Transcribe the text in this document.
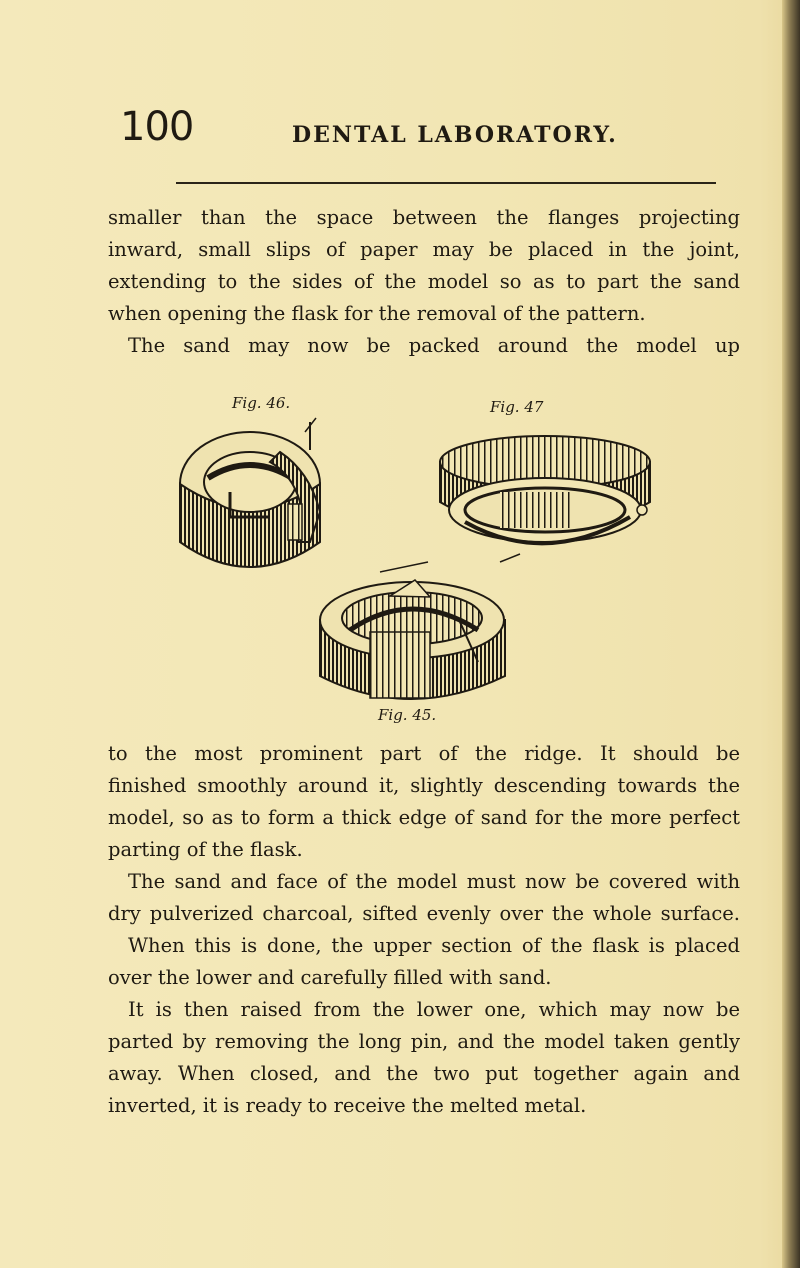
100	DENTAL LABORATORY.
smaller than the space between the flanges projecting
inward, small slips of paper may be placed in the joint,
extending to the sides of the model so as to part the sand
when opening the flask for the removal of the pattern.
The sand may now be packed around the model up
Fig. 46.	Fig. 47
Fig. 45.
to the most prominent part of the ridge. It should be
finished smoothly around it, slightly descending towards the
model, so as to form a thick edge of sand for the more perfect
parting of the flask.
The sand and face of the model must now be covered with
dry pulverized charcoal, sifted evenly over the whole surface.
When this is done, the upper section of the flask is placed
over the lower and carefully filled with sand.
It is then raised from the lower one, which may now be
parted by removing the long pin, and the model taken gently
away. When closed, and the two put together again and
inverted, it is ready to receive the melted metal.
